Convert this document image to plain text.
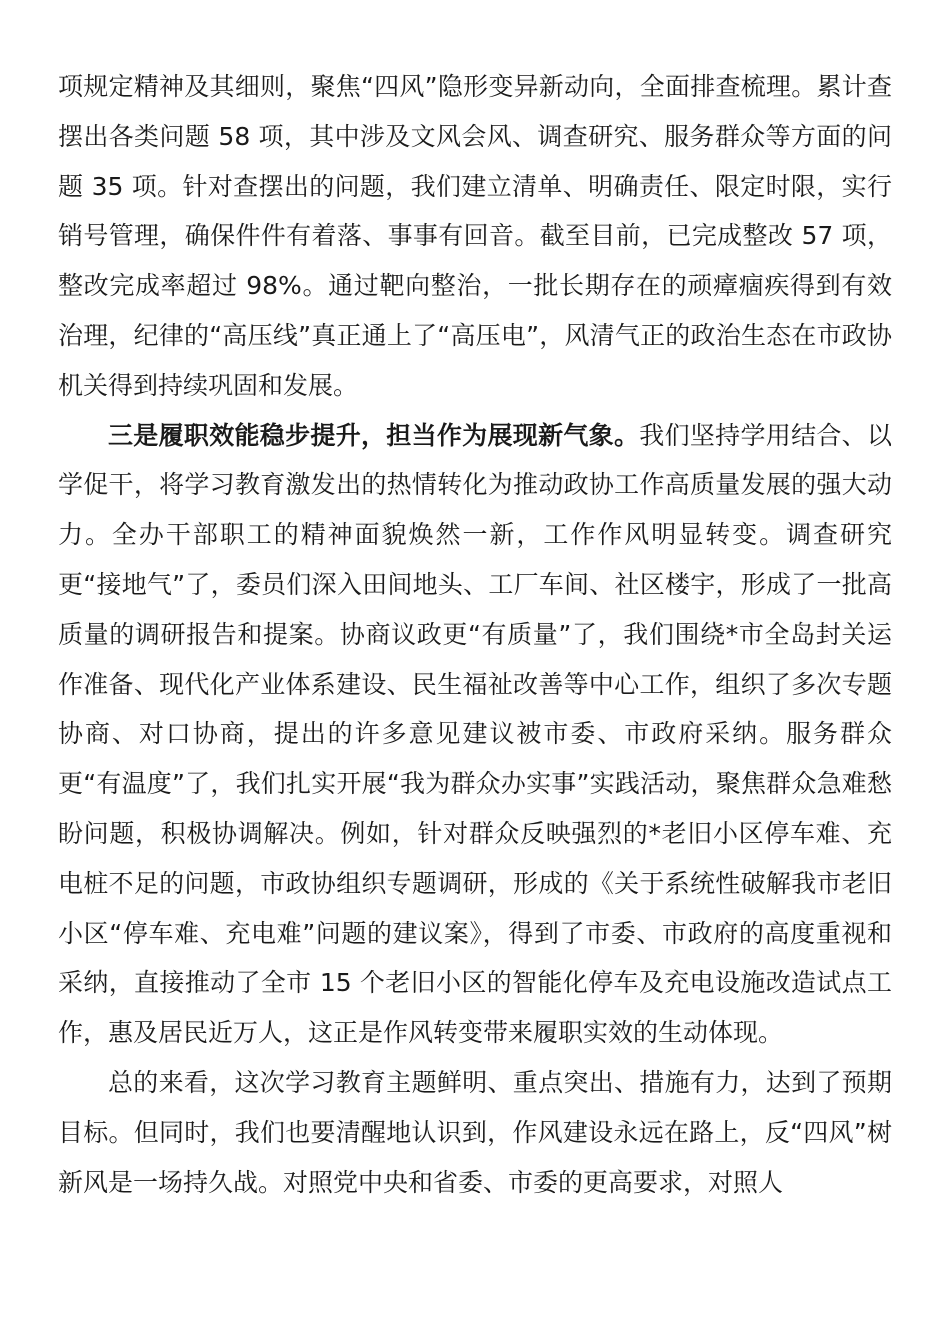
项规定精神及其细则，聚焦“四风”隐形变异新动向，全面排查梳理。累计查摆出各类问题 58 项，其中涉及文风会风、调查研究、服务群众等方面的问题 35 项。针对查摆出的问题，我们建立清单、明确责任、限定时限，实行销号管理，确保件件有着落、事事有回音。截至目前，已完成整改 57 项，整改完成率超过 98%。通过靶向整治，一批长期存在的顽瘴痼疾得到有效治理，纪律的“高压线”真正通上了“高压电”，风清气正的政治生态在市政协机关得到持续巩固和发展。

三是履职效能稳步提升，担当作为展现新气象。我们坚持学用结合、以学促干，将学习教育激发出的热情转化为推动政协工作高质量发展的强大动力。全办干部职工的精神面貌焕然一新，工作作风明显转变。调查研究更“接地气”了，委员们深入田间地头、工厂车间、社区楼宇，形成了一批高质量的调研报告和提案。协商议政更“有质量”了，我们围绕*市全岛封关运作准备、现代化产业体系建设、民生福祉改善等中心工作，组织了多次专题协商、对口协商，提出的许多意见建议被市委、市政府采纳。服务群众更“有温度”了，我们扎实开展“我为群众办实事”实践活动，聚焦群众急难愁盼问题，积极协调解决。例如，针对群众反映强烈的*老旧小区停车难、充电桩不足的问题，市政协组织专题调研，形成的《关于系统性破解我市老旧小区“停车难、充电难”问题的建议案》，得到了市委、市政府的高度重视和采纳，直接推动了全市 15 个老旧小区的智能化停车及充电设施改造试点工作，惠及居民近万人，这正是作风转变带来履职实效的生动体现。

总的来看，这次学习教育主题鲜明、重点突出、措施有力，达到了预期目标。但同时，我们也要清醒地认识到，作风建设永远在路上，反“四风”树新风是一场持久战。对照党中央和省委、市委的更高要求，对照人
